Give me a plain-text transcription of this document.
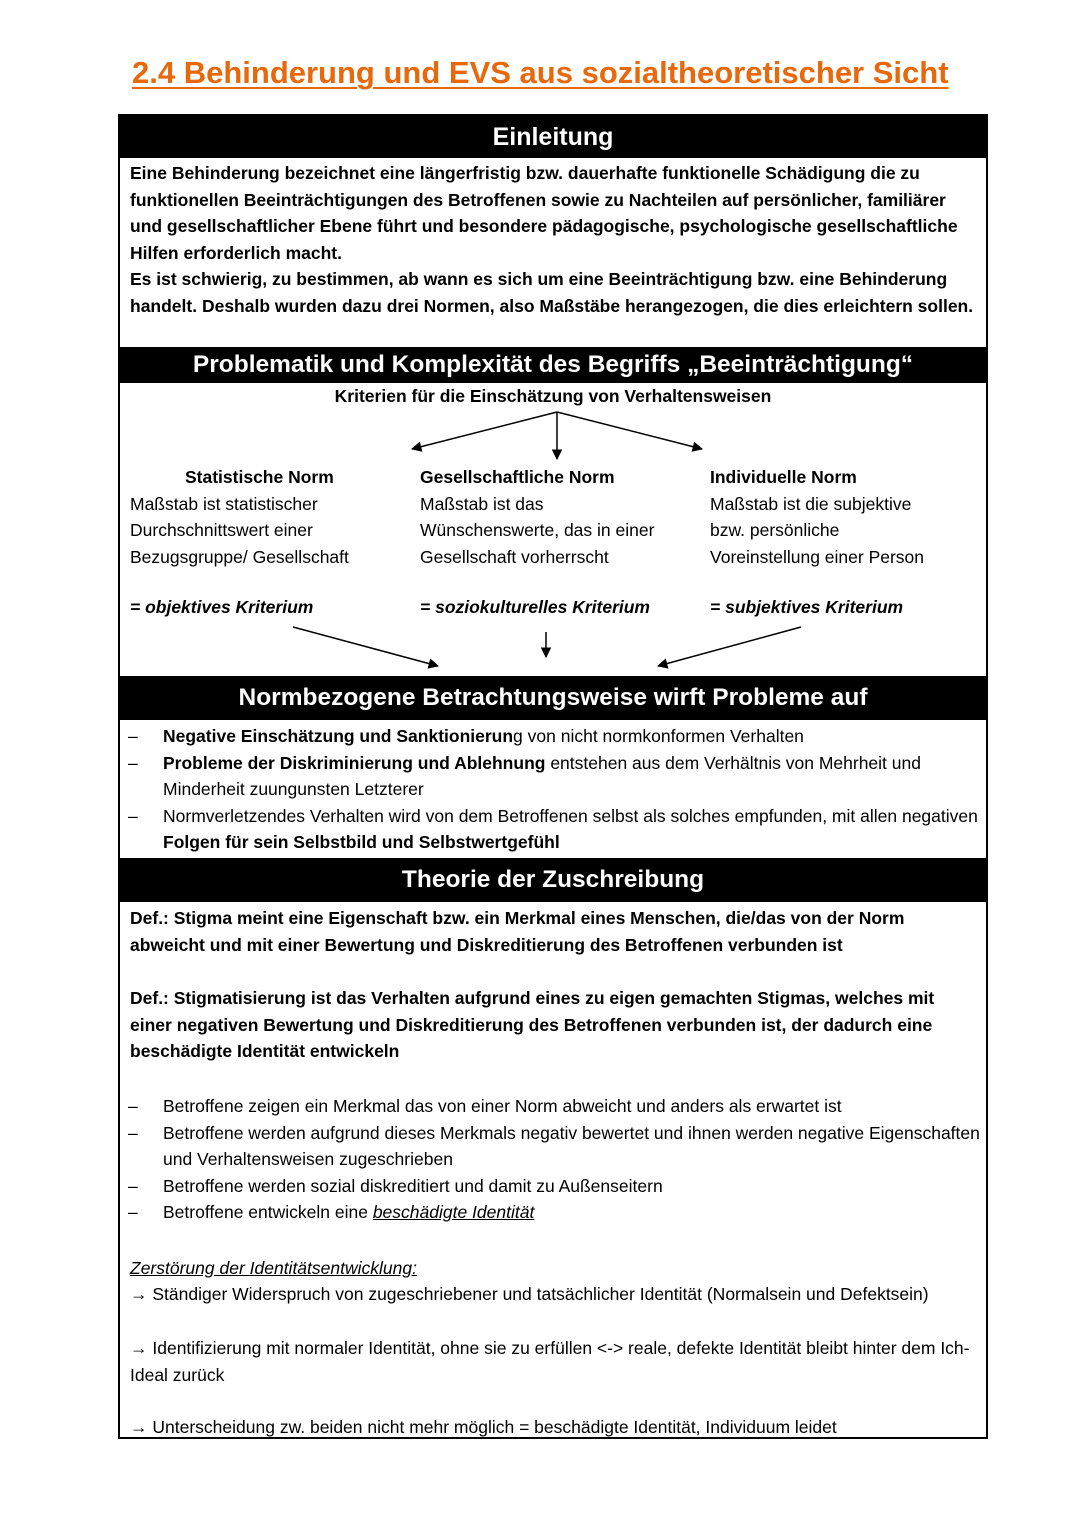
2.4 Behinderung und EVS aus sozialtheoretischer Sicht
Einleitung

Eine Behinderung bezeichnet eine längerfristig bzw. dauerhafte funktionelle Schädigung die zu funktionellen Beeinträchtigungen des Betroffenen sowie zu Nachteilen auf persönlicher, familiärer und gesellschaftlicher Ebene führt und besondere pädagogische, psychologische gesellschaftliche Hilfen erforderlich macht.

Es ist schwierig, zu bestimmen, ab wann es sich um eine Beeinträchtigung bzw. eine Behinderung handelt. Deshalb wurden dazu drei Normen, also Maßstäbe herangezogen, die dies erleichtern sollen.

Problematik und Komplexität des Begriffs „Beeinträchtigung“
Kriterien für die Einschätzung von Verhaltensweisen
Statistische Norm
Maßstab ist statistischer
Durchschnittswert einer
Bezugsgruppe/ Gesellschaft
Gesellschaftliche Norm
Maßstab ist das
Wünschenswerte, das in einer
Gesellschaft vorherrscht
Individuelle Norm
Maßstab ist die subjektive
bzw. persönliche
Voreinstellung einer Person
= objektives Kriterium	= soziokulturelles Kriterium	= subjektives Kriterium
Normbezogene Betrachtungsweise wirft Probleme auf
– Negative Einschätzung und Sanktionierung von nicht normkonformen Verhalten
– Probleme der Diskriminierung und Ablehnung entstehen aus dem Verhältnis von Mehrheit und Minderheit zuungunsten Letzterer
– Normverletzendes Verhalten wird von dem Betroffenen selbst als solches empfunden, mit allen negativen Folgen für sein Selbstbild und Selbstwertgefühl
Theorie der Zuschreibung

Def.: Stigma meint eine Eigenschaft bzw. ein Merkmal eines Menschen, die/das von der Norm abweicht und mit einer Bewertung und Diskreditierung des Betroffenen verbunden ist

Def.: Stigmatisierung ist das Verhalten aufgrund eines zu eigen gemachten Stigmas, welches mit einer negativen Bewertung und Diskreditierung des Betroffenen verbunden ist, der dadurch eine beschädigte Identität entwickeln

– Betroffene zeigen ein Merkmal das von einer Norm abweicht und anders als erwartet ist
– Betroffene werden aufgrund dieses Merkmals negativ bewertet und ihnen werden negative Eigenschaften und Verhaltensweisen zugeschrieben
– Betroffene werden sozial diskreditiert und damit zu Außenseitern
– Betroffene entwickeln eine beschädigte Identität

Zerstörung der Identitätsentwicklung:

→ Ständiger Widerspruch von zugeschriebener und tatsächlicher Identität (Normalsein und Defektsein)

→ Identifizierung mit normaler Identität, ohne sie zu erfüllen <-> reale, defekte Identität bleibt hinter dem Ich-Ideal zurück

→ Unterscheidung zw. beiden nicht mehr möglich = beschädigte Identität, Individuum leidet
